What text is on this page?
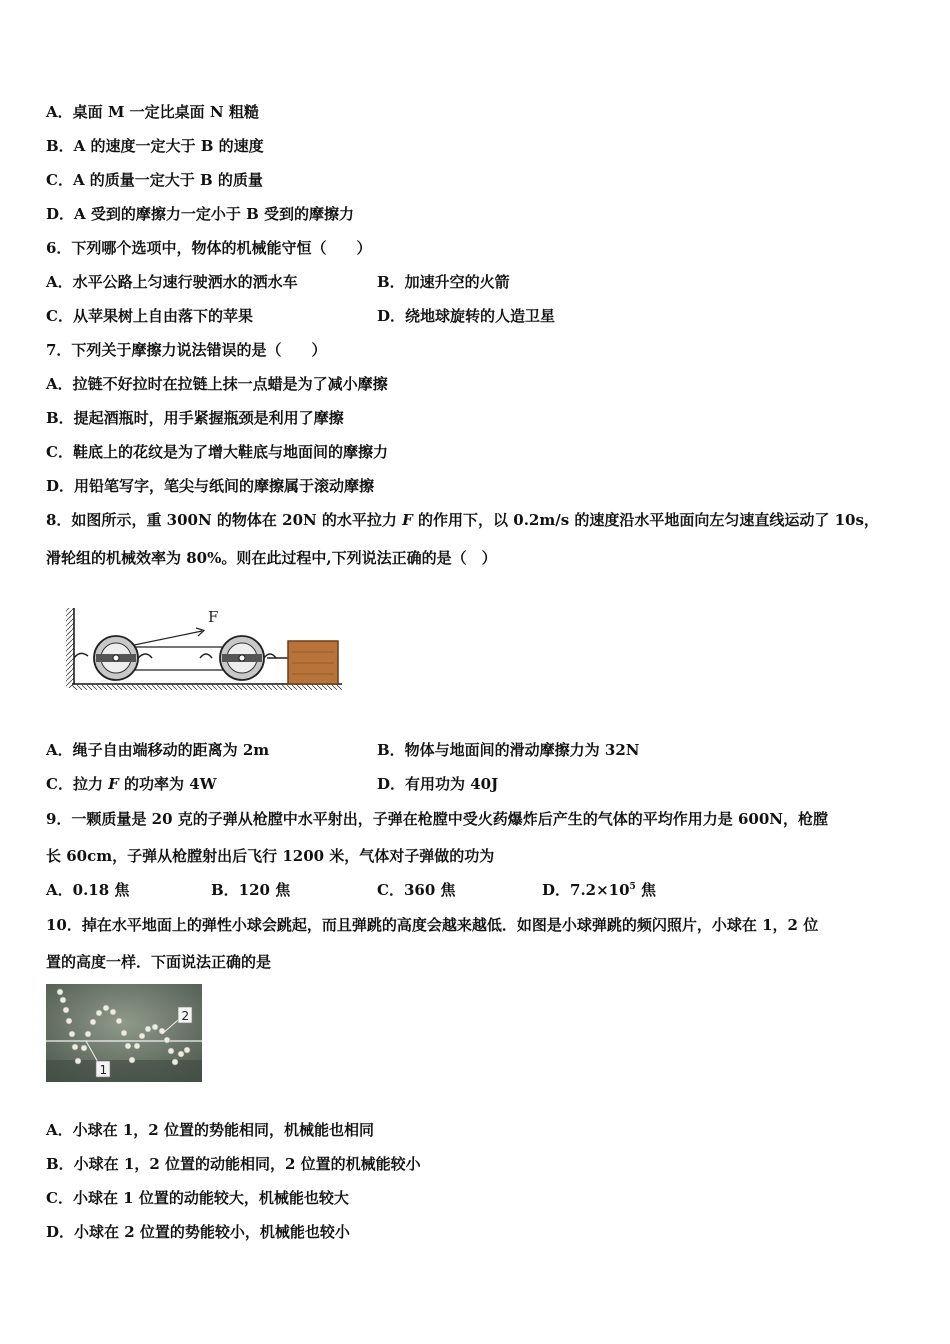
A．桌面 M 一定比桌面 N 粗糙
B．A 的速度一定大于 B 的速度
C．A 的质量一定大于 B 的质量
D．A 受到的摩擦力一定小于 B 受到的摩擦力
6．下列哪个选项中，物体的机械能守恒（　　）
A．水平公路上匀速行驶洒水的洒水车	B．加速升空的火箭
C．从苹果树上自由落下的苹果	D．绕地球旋转的人造卫星
7．下列关于摩擦力说法错误的是（　　）
A．拉链不好拉时在拉链上抹一点蜡是为了减小摩擦
B．提起酒瓶时，用手紧握瓶颈是利用了摩擦
C．鞋底上的花纹是为了增大鞋底与地面间的摩擦力
D．用铅笔写字，笔尖与纸间的摩擦属于滚动摩擦
8．如图所示，重 300N 的物体在 20N 的水平拉力 F 的作用下，以 0.2m/s 的速度沿水平地面向左匀速直线运动了 10s，
滑轮组的机械效率为 80%。则在此过程中,下列说法正确的是（　）
F
A．绳子自由端移动的距离为 2m	B．物体与地面间的滑动摩擦力为 32N
C．拉力 F 的功率为 4W	D．有用功为 40J
9．一颗质量是 20 克的子弹从枪膛中水平射出，子弹在枪膛中受火药爆炸后产生的气体的平均作用力是 600N，枪膛
长 60cm，子弹从枪膛射出后飞行 1200 米，气体对子弹做的功为
A．0.18 焦	B．120 焦	C．360 焦	D．$7.2\times 10^5$ 焦
10．掉在水平地面上的弹性小球会跳起，而且弹跳的高度会越来越低．如图是小球弹跳的频闪照片，小球在 1，2 位
置的高度一样．下面说法正确的是
1
2
A．小球在 1，2 位置的势能相同，机械能也相同
B．小球在 1，2 位置的动能相同，2 位置的机械能较小
C．小球在 1 位置的动能较大，机械能也较大
D．小球在 2 位置的势能较小，机械能也较小
